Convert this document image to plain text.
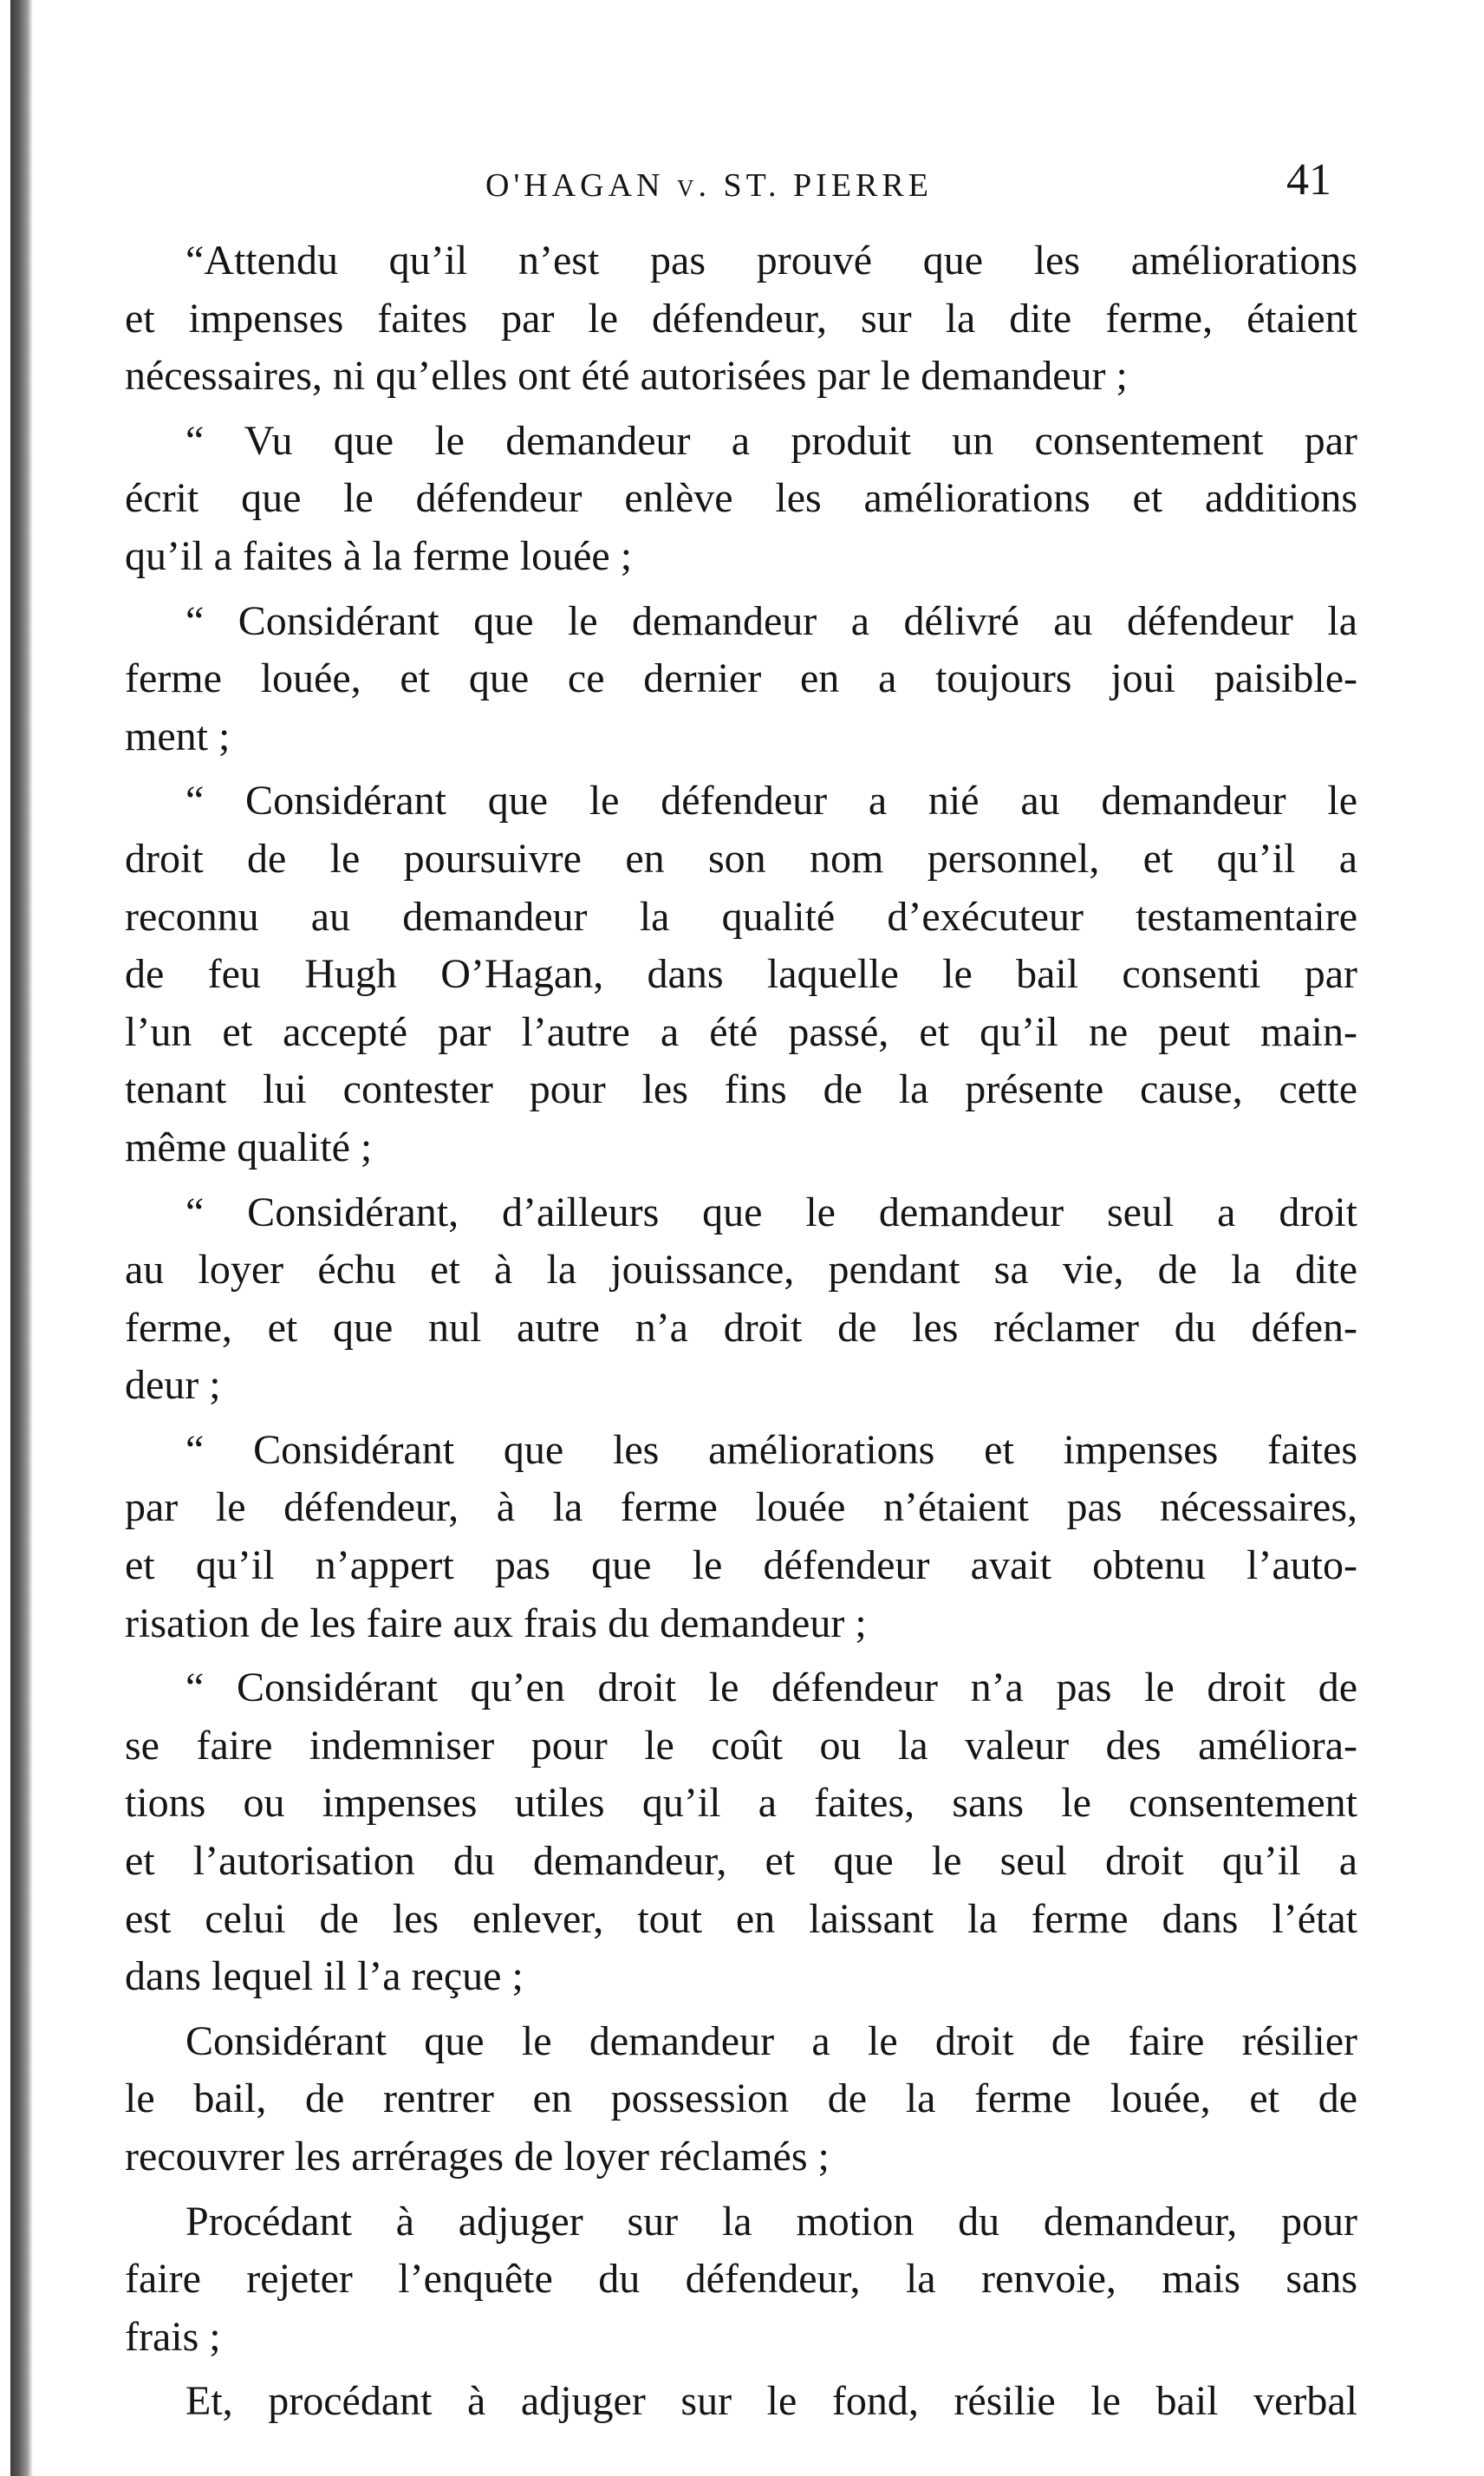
O'HAGAN v. ST. PIERRE	41
“Attendu qu’il n’est pas prouvé que les améliorations
et impenses faites par le défendeur, sur la dite ferme, étaient
nécessaires, ni qu’elles ont été autorisées par le demandeur ;
“ Vu que le demandeur a produit un consentement par
écrit que le défendeur enlève les améliorations et additions
qu’il a faites à la ferme louée ;
“ Considérant que le demandeur a délivré au défendeur la
ferme louée, et que ce dernier en a toujours joui paisible-
ment ;
“ Considérant que le défendeur a nié au demandeur le
droit de le poursuivre en son nom personnel, et qu’il a
reconnu au demandeur la qualité d’exécuteur testamentaire
de feu Hugh O’Hagan, dans laquelle le bail consenti par
l’un et accepté par l’autre a été passé, et qu’il ne peut main-
tenant lui contester pour les fins de la présente cause, cette
même qualité ;
“ Considérant, d’ailleurs que le demandeur seul a droit
au loyer échu et à la jouissance, pendant sa vie, de la dite
ferme, et que nul autre n’a droit de les réclamer du défen-
deur ;
“ Considérant que les améliorations et impenses faites
par le défendeur, à la ferme louée n’étaient pas nécessaires,
et qu’il n’appert pas que le défendeur avait obtenu l’auto-
risation de les faire aux frais du demandeur ;
“ Considérant qu’en droit le défendeur n’a pas le droit de
se faire indemniser pour le coût ou la valeur des améliora-
tions ou impenses utiles qu’il a faites, sans le consentement
et l’autorisation du demandeur, et que le seul droit qu’il a
est celui de les enlever, tout en laissant la ferme dans l’état
dans lequel il l’a reçue ;
Considérant que le demandeur a le droit de faire résilier
le bail, de rentrer en possession de la ferme louée, et de
recouvrer les arrérages de loyer réclamés ;
Procédant à adjuger sur la motion du demandeur, pour
faire rejeter l’enquête du défendeur, la renvoie, mais sans
frais ;
Et, procédant à adjuger sur le fond, résilie le bail verbal
